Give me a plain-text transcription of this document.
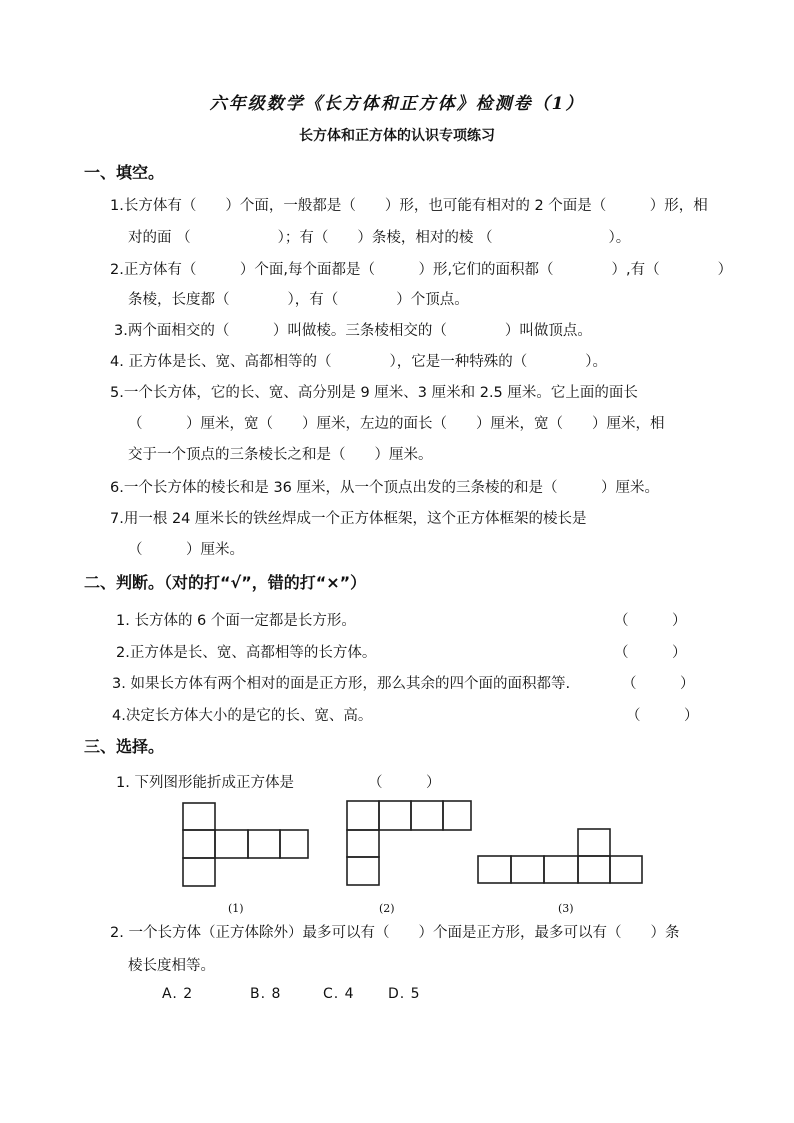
六年级数学《长方体和正方体》检测卷（1）
长方体和正方体的认识专项练习
一、填空。
1.长方体有（　　）个面，一般都是（　　）形，也可能有相对的 2 个面是（　　　）形，相
对的面 （　　　　　　）；有（　　）条棱，相对的棱 （　　　　　　　　）。
2.正方体有（　　　）个面,每个面都是（　　　）形,它们的面积都（　　　　）,有（　　　　）
条棱，长度都（　　　　），有（　　　　）个顶点。
3.两个面相交的（　　　）叫做棱。三条棱相交的（　　　　）叫做顶点。
4. 正方体是长、宽、高都相等的（　　　　），它是一种特殊的（　　　　）。
5.一个长方体，它的长、宽、高分别是 9 厘米、3 厘米和 2.5 厘米。它上面的面长
（　　　）厘米，宽（　　）厘米，左边的面长（　　）厘米，宽（　　）厘米，相
交于一个顶点的三条棱长之和是（　　）厘米。
6.一个长方体的棱长和是 36 厘米，从一个顶点出发的三条棱的和是（　　　）厘米。
7.用一根 24 厘米长的铁丝焊成一个正方体框架，这个正方体框架的棱长是
（　　　）厘米。
二、判断。（对的打“√”，错的打“×”）
1. 长方体的 6 个面一定都是长方形。	（　　　）
2.正方体是长、宽、高都相等的长方体。	（　　　）
3. 如果长方体有两个相对的面是正方形，那么其余的四个面的面积都等.	（　　　）
4.决定长方体大小的是它的长、宽、高。	（　　　）
三、选择。
1. 下列图形能折成正方体是	（　　　）
(1)	(2)	(3)
2. 一个长方体（正方体除外）最多可以有（　　）个面是正方形，最多可以有（　　）条
棱长度相等。
A. 2	B. 8	C. 4 D. 5
